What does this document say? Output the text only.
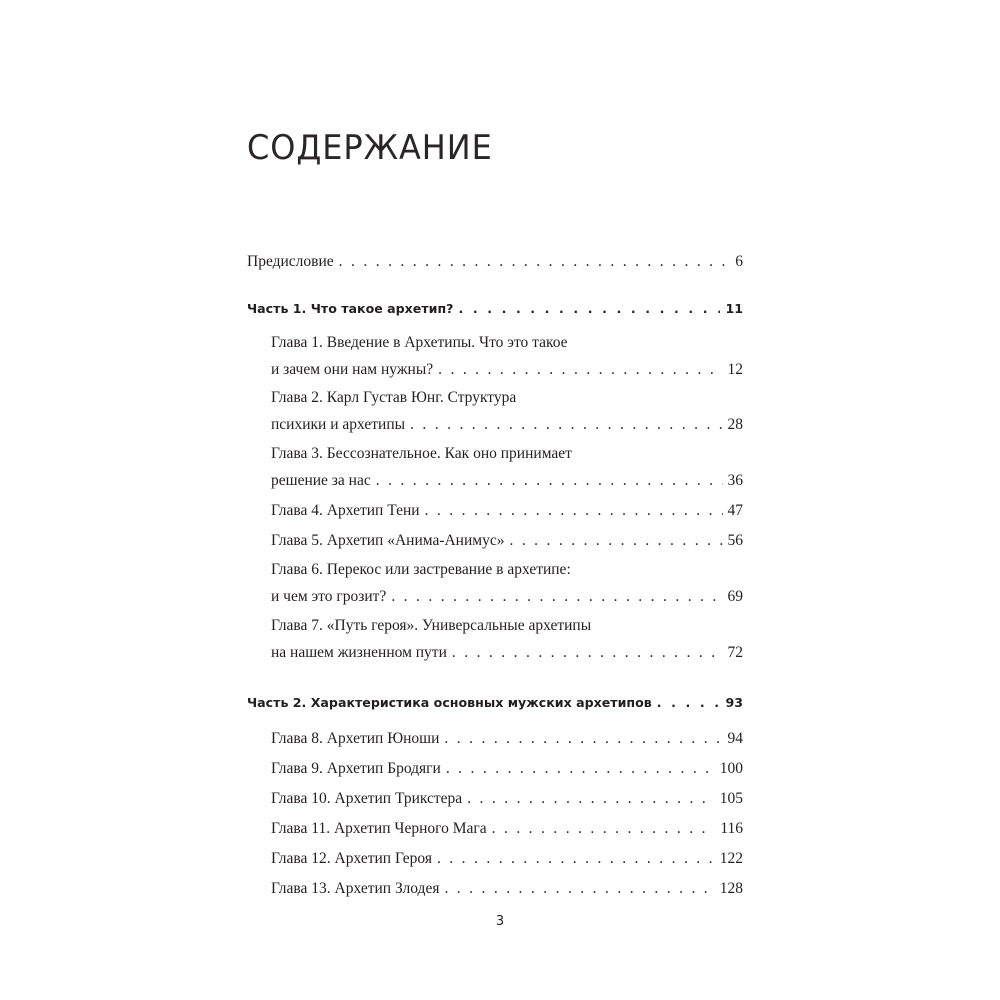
СОДЕРЖАНИЕ
Предисловие . . .	6
Часть 1. Что такое архетип? . . .	11
Глава 1. Введение в Архетипы. Что это такое
и зачем они нам нужны? . . .	12
Глава 2. Карл Густав Юнг. Структура
психики и архетипы . . .	28
Глава 3. Бессознательное. Как оно принимает
решение за нас . . .	36
Глава 4. Архетип Тени . . .	47
Глава 5. Архетип «Анима-Анимус» . . .	56
Глава 6. Перекос или застревание в архетипе:
и чем это грозит? . . .	69
Глава 7. «Путь героя». Универсальные архетипы
на нашем жизненном пути . . .	72
Часть 2. Характеристика основных мужских архетипов . . .	93
Глава 8. Архетип Юноши . . .	94
Глава 9. Архетип Бродяги . . .	100
Глава 10. Архетип Трикстера . . .	105
Глава 11. Архетип Черного Мага . . .	116
Глава 12. Архетип Героя . . .	122
Глава 13. Архетип Злодея . . .	128
3
